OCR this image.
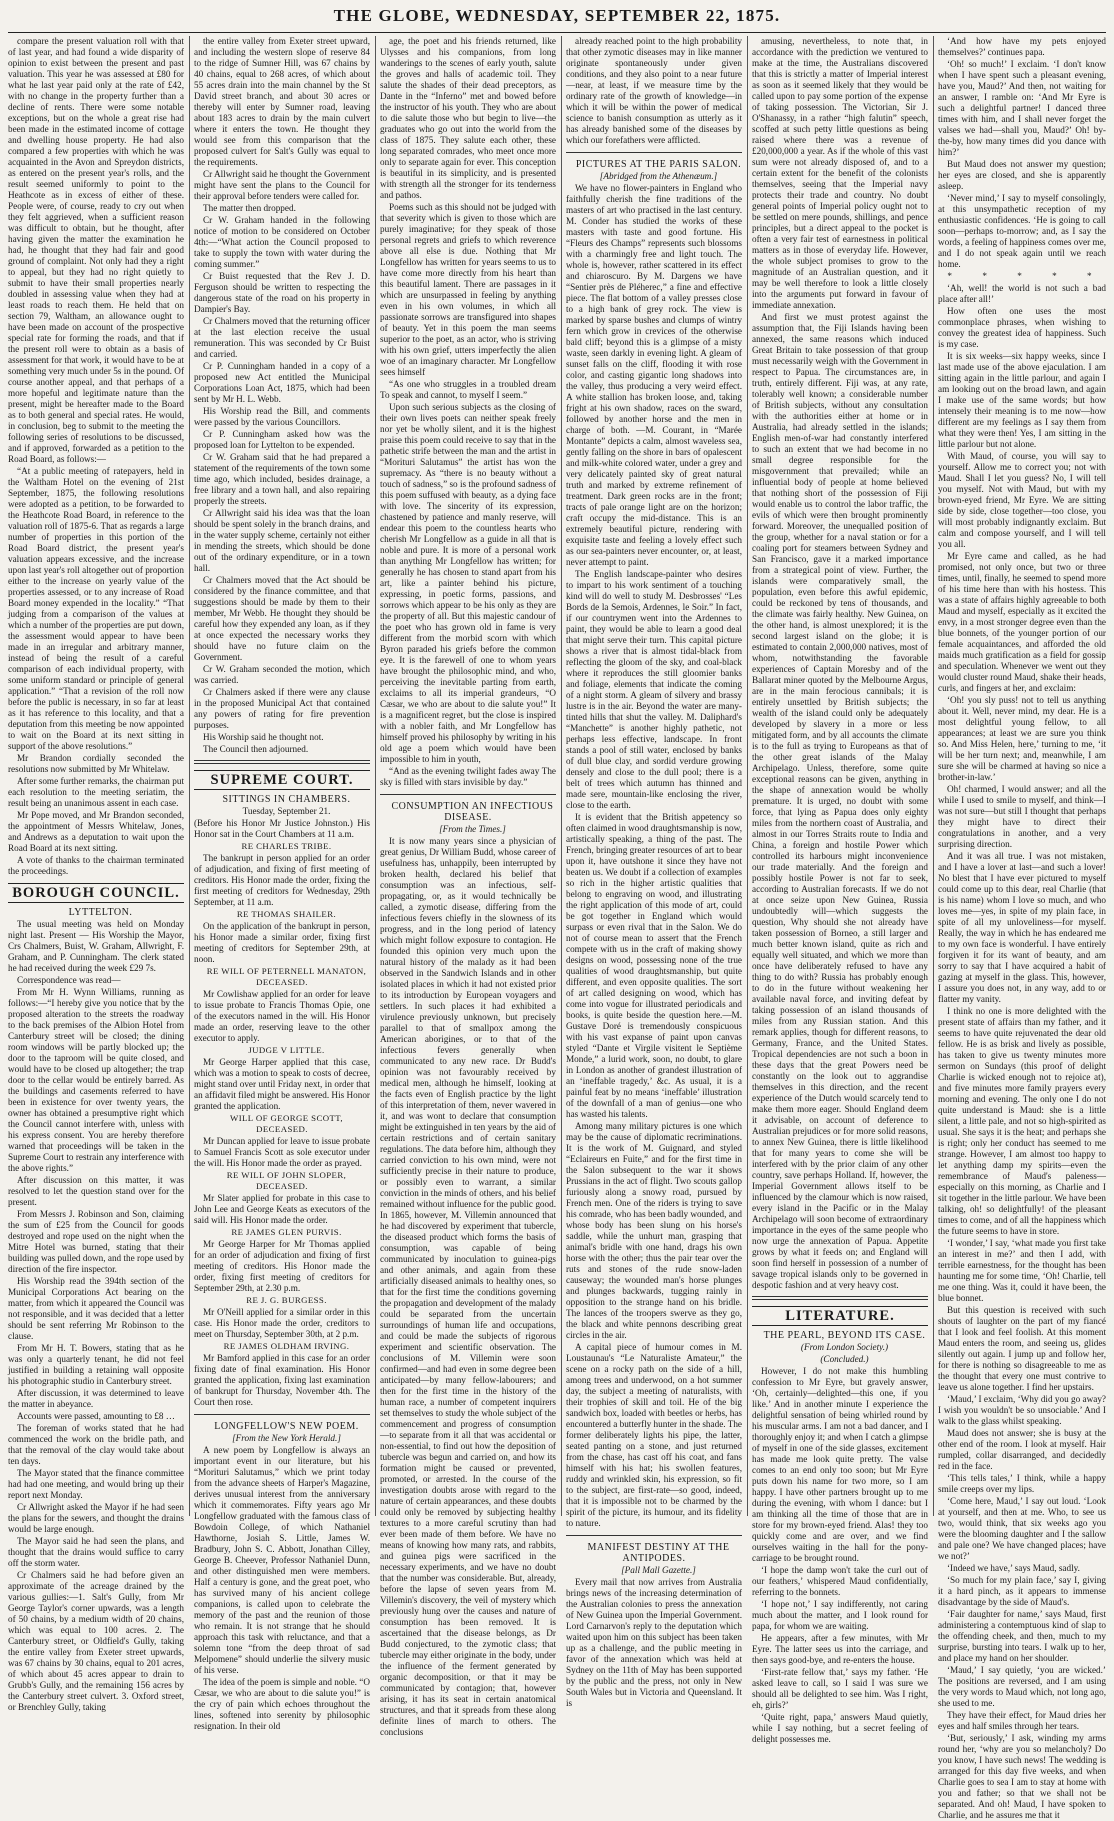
THE GLOBE, WEDNESDAY, SEPTEMBER 22, 1875.

compare the present valuation roll with that of last year, and had found a wide disparity of opinion to exist between the present and past valuation. This year he was assessed at £80 for what he last year paid only at the rate of £42, with no change in the property further than a decline of rents. There were some notable exceptions, but on the whole a great rise had been made in the estimated income of cottage and dwelling house property. He had also compared a few properties with which he was acquainted in the Avon and Spreydon districts, as entered on the present year's rolls, and the result seemed uniformly to point to the Heathcote as in excess of either of these. People were, of course, ready to cry out when they felt aggrieved, when a sufficient reason was difficult to obtain, but he thought, after having given the matter the examination he had, he thought that they had fair and good ground of complaint. Not only had they a right to appeal, but they had no right quietly to submit to have their small properties nearly doubled in assessing value when they had at least roads to reach them. He held that on section 79, Waltham, an allowance ought to have been made on account of the prospective special rate for forming the roads, and that if the present roll were to obtain as a basis of assessment for that work, it would have to be at something very much under 5s in the pound. Of course another appeal, and that perhaps of a more hopeful and legitimate nature than the present, might be hereafter made to the Board as to both general and special rates. He would, in conclusion, beg to submit to the meeting the following series of resolutions to be discussed, and if approved, forwarded as a petition to the Road Board, as follows:—

“At a public meeting of ratepayers, held in the Waltham Hotel on the evening of 21st September, 1875, the following resolutions were adopted as a petition, to be forwarded to the Heathcote Road Board, in reference to the valuation roll of 1875-6. That as regards a large number of properties in this portion of the Road Board district, the present year's valuation appears excessive, and the increase upon last year's roll altogether out of proportion either to the increase on yearly value of the properties assessed, or to any increase of Road Board money expended in the locality.” “That judging from a comparison of the values at which a number of the properties are put down, the assessment would appear to have been made in an irregular and arbitrary manner, instead of being the result of a careful comparison of each individual property, with some uniform standard or principle of general application.” “That a revision of the roll now before the public is necessary, in so far at least as it has reference to this locality, and that a deputation from this meeting be now appointed to wait on the Board at its next sitting in support of the above resolutions.”

Mr Brandon cordially seconded the resolutions now submitted by Mr Whitelaw.

After some further remarks, the chairman put each resolution to the meeting seriatim, the result being an unanimous assent in each case.

Mr Pope moved, and Mr Brandon seconded, the appointment of Messrs Whitelaw, Jones, and Andrews as a deputation to wait upon the Road Board at its next sitting.

A vote of thanks to the chairman terminated the proceedings.

BOROUGH COUNCIL.

LYTTELTON.

The usual meeting was held on Monday night last. Present — His Worship the Mayor, Crs Chalmers, Buist, W. Graham, Allwright, F. Graham, and P. Cunningham. The clerk stated he had received during the week £29 7s.

Correspondence was read—

From Mr H. Wynn Williams, running as follows:—“I hereby give you notice that by the proposed alteration to the streets the roadway to the back premises of the Albion Hotel from Canterbury street will be closed; the dining room windows will be partly blocked up; the door to the taproom will be quite closed, and would have to be closed up altogether; the trap door to the cellar would be entirely barred. As the buildings and casements referred to have been in existence for over twenty years, the owner has obtained a presumptive right which the Council cannot interfere with, unless with his express consent. You are hereby therefore warned that proceedings will be taken in the Supreme Court to restrain any interference with the above rights.”

After discussion on this matter, it was resolved to let the question stand over for the present.

From Messrs J. Robinson and Son, claiming the sum of £25 from the Council for goods destroyed and rope used on the night when the Mitre Hotel was burned, stating that their building was pulled down, and the rope used by direction of the fire inspector.

His Worship read the 394th section of the Municipal Corporations Act bearing on the matter, from which it appeared the Council was not responsible, and it was decided that a letter should be sent referring Mr Robinson to the clause.

From Mr H. T. Bowers, stating that as he was only a quarterly tenant, he did not feel justified in building a retaining wall opposite his photographic studio in Canterbury street.

After discussion, it was determined to leave the matter in abeyance.

Accounts were passed, amounting to £8 …

The foreman of works stated that he had commenced the work on the bridle path, and that the removal of the clay would take about ten days.

The Mayor stated that the finance committee had had one meeting, and would bring up their report next Monday.

Cr Allwright asked the Mayor if he had seen the plans for the sewers, and thought the drains would be large enough.

The Mayor said he had seen the plans, and thought that the drains would suffice to carry off the storm water.

Cr Chalmers said he had before given an approximate of the acreage drained by the various gullies:—1. Salt's Gully, from Mr George Taylor's corner upwards, was a length of 50 chains, by a medium width of 20 chains, which was equal to 100 acres. 2. The Canterbury street, or Oldfield's Gully, taking the entire valley from Exeter street upwards, was 67 chains by 30 chains, equal to 201 acres, of which about 45 acres appear to drain to Grubb's Gully, and the remaining 156 acres by the Canterbury street culvert. 3. Oxford street, or Brenchley Gully, taking

the entire valley from Exeter street upward, and including the western slope of reserve 84 to the ridge of Sumner Hill, was 67 chains by 40 chains, equal to 268 acres, of which about 55 acres drain into the main channel by the St David street branch, and about 30 acres or thereby will enter by Sumner road, leaving about 183 acres to drain by the main culvert where it enters the town. He thought they would see from this comparison that the proposed culvert for Salt's Gully was equal to the requirements.

Cr Allwright said he thought the Government might have sent the plans to the Council for their approval before tenders were called for.

The matter then dropped.

Cr W. Graham handed in the following notice of motion to be considered on October 4th:—“What action the Council proposed to take to supply the town with water during the coming summer.”

Cr Buist requested that the Rev J. D. Ferguson should be written to respecting the dangerous state of the road on his property in Dampier's Bay.

Cr Chalmers moved that the returning officer at the last election receive the usual remuneration. This was seconded by Cr Buist and carried.

Cr P. Cunningham handed in a copy of a proposed new Act entitled the Municipal Corporations Loan Act, 1875, which had been sent by Mr H. L. Webb.

His Worship read the Bill, and comments were passed by the various Councillors.

Cr P. Cunningham asked how was the proposed loan for Lyttelton to be expended.

Cr W. Graham said that he had prepared a statement of the requirements of the town some time ago, which included, besides drainage, a free library and a town hall, and also repairing properly the streets.

Cr Allwright said his idea was that the loan should be spent solely in the branch drains, and in the water supply scheme, certainly not either in mending the streets, which should be done out of the ordinary expenditure, or in a town hall.

Cr Chalmers moved that the Act should be considered by the finance committee, and that suggestions should be made by them to their member, Mr Webb. He thought they should be careful how they expended any loan, as if they at once expected the necessary works they should have no future claim on the Government.

Cr W. Graham seconded the motion, which was carried.

Cr Chalmers asked if there were any clause in the proposed Municipal Act that contained any powers of rating for fire prevention purposes.

His Worship said he thought not.

The Council then adjourned.

SUPREME COURT.

SITTINGS IN CHAMBERS.

Tuesday, September 21.

(Before his Honor Mr Justice Johnston.) His Honor sat in the Court Chambers at 11 a.m.

RE CHARLES TRIBE.

The bankrupt in person applied for an order of adjudication, and fixing of first meeting of creditors. His Honor made the order, fixing the first meeting of creditors for Wednesday, 29th September, at 11 a.m.

RE THOMAS SHAILER.

On the application of the bankrupt in person, his Honor made a similar order, fixing first meeting of creditors for September 29th, at noon.

RE WILL OF PETERNELL MANATON, DECEASED.

Mr Cowlishaw applied for an order for leave to issue probate to Francis Thomas Opie, one of the executors named in the will. His Honor made an order, reserving leave to the other executor to apply.

JUDGE V LITTLE.

Mr George Harper applied that this case, which was a motion to speak to costs of decree, might stand over until Friday next, in order that an affidavit filed might be answered. His Honor granted the application.

WILL OF GEORGE SCOTT, DECEASED.

Mr Duncan applied for leave to issue probate to Samuel Francis Scott as sole executor under the will. His Honor made the order as prayed.

RE WILL OF JOHN SLOPER, DECEASED.

Mr Slater applied for probate in this case to John Lee and George Keats as executors of the said will. His Honor made the order.

RE JAMES GLEN PURVIS.

Mr George Harper for Mr Thomas applied for an order of adjudication and fixing of first meeting of creditors. His Honor made the order, fixing first meeting of creditors for September 29th, at 2.30 p.m.

RE J. G. BURGESS.

Mr O'Neill applied for a similar order in this case. His Honor made the order, creditors to meet on Thursday, September 30th, at 2 p.m.

RE JAMES OLDHAM IRVING.

Mr Bamford applied in this case for an order fixing date of final examination. His Honor granted the application, fixing last examination of bankrupt for Thursday, November 4th. The Court then rose.

LONGFELLOW'S NEW POEM.

[From the New York Herald.]

A new poem by Longfellow is always an important event in our literature, but his “Morituri Salutamus,” which we print today from the advance sheets of Harper's Magazine, derives unusual interest from the anniversary which it commemorates. Fifty years ago Mr Longfellow graduated with the famous class of Bowdoin College, of which Nathaniel Hawthorne, Josiah S. Little, James W. Bradbury, John S. C. Abbott, Jonathan Cilley, George B. Cheever, Professor Nathaniel Dunn, and other distinguished men were members. Half a century is gone, and the great poet, who has survived many of his ancient college companions, is called upon to celebrate the memory of the past and the reunion of those who remain. It is not strange that he should approach this task with reluctance, and that a solemn tone “from the deep throat of sad Melpomene” should underlie the silvery music of his verse.

The idea of the poem is simple and noble. “O Cæsar, we who are about to die salute you!” is the cry of pain which echoes throughout the lines, softened into serenity by philosophic resignation. In their old

age, the poet and his friends returned, like Ulysses and his companions, from long wanderings to the scenes of early youth, salute the groves and halls of academic toil. They salute the shades of their dead preceptors, as Dante in the “Inferno” met and bowed before the instructor of his youth. They who are about to die salute those who but begin to live—the graduates who go out into the world from the class of 1875. They salute each other, these long separated comrades, who meet once more only to separate again for ever. This conception is beautiful in its simplicity, and is presented with strength all the stronger for its tenderness and pathos.

Poems such as this should not be judged with that severity which is given to those which are purely imaginative; for they speak of those personal regrets and griefs to which reverence above all else is due. Nothing that Mr Longfellow has written for years seems to us to have come more directly from his heart than this beautiful lament. There are passages in it which are unsurpassed in feeling by anything even in his own volumes, in which all passionate sorrows are transfigured into shapes of beauty. Yet in this poem the man seems superior to the poet, as an actor, who is striving with his own grief, utters imperfectly the alien woe of an imaginary character. Mr Longfellow sees himself

“As one who struggles in a troubled dream To speak and cannot, to myself I seem.”

Upon such serious subjects as the closing of their own lives poets can neither speak freely nor yet be wholly silent, and it is the highest praise this poem could receive to say that in the pathetic strife between the man and the artist in “Morituri Salutamus” the artist has won the supremacy. As “there is no beauty without a touch of sadness,” so is the profound sadness of this poem suffused with beauty, as a dying face with love. The sincerity of its expression, chastened by patience and manly reserve, will endear this poem to the countless hearts who cherish Mr Longfellow as a guide in all that is noble and pure. It is more of a personal work than anything Mr Longfellow has written; for generally he has chosen to stand apart from his art, like a painter behind his picture, expressing, in poetic forms, passions, and sorrows which appear to be his only as they are the property of all. But this majestic candour of the poet who has grown old in fame is very different from the morbid scorn with which Byron paraded his griefs before the common eye. It is the farewell of one to whom years have brought the philosophic mind, and who, perceiving the inevitable parting from earth, exclaims to all its imperial grandeurs, “O Cæsar, we who are about to die salute you!” It is a magnificent regret, but the close is inspired with a nobler faith, and Mr Longfellow has himself proved his philosophy by writing in his old age a poem which would have been impossible to him in youth,

“And as the evening twilight fades away The sky is filled with stars invisible by day.”

CONSUMPTION AN INFECTIOUS DISEASE.

[From the Times.]

It is now many years since a physician of great genius, Dr William Budd, whose career of usefulness has, unhappily, been interrupted by broken health, declared his belief that consumption was an infectious, self-propagating, or, as it would technically be called, a zymotic disease, differing from the infectious fevers chiefly in the slowness of its progress, and in the long period of latency which might follow exposure to contagion. He founded this opinion very much upon the natural history of the malady as it had been observed in the Sandwich Islands and in other isolated places in which it had not existed prior to its introduction by European voyagers and settlers. In such places it had exhibited a virulence previously unknown, but precisely parallel to that of smallpox among the American aborigines, or to that of the infectious fevers generally when communicated to any new race. Dr Budd's opinion was not favourably received by medical men, although he himself, looking at the facts even of English practice by the light of this interpretation of them, never wavered in it, and was wont to declare that consumption might be extinguished in ten years by the aid of certain restrictions and of certain sanitary regulations. The data before him, although they carried conviction to his own mind, were not sufficiently precise in their nature to produce, or possibly even to warrant, a similar conviction in the minds of others, and his belief remained without influence for the public good. In 1865, however, M. Villemin announced that he had discovered by experiment that tubercle, the diseased product which forms the basis of consumption, was capable of being communicated by inoculation to guinea-pigs and other animals, and again from these artificially diseased animals to healthy ones, so that for the first time the conditions governing the propagation and development of the malady could be separated from the uncertain surroundings of human life and occupations, and could be made the subjects of rigorous experiment and scientific observation. The conclusions of M. Villemin were soon confirmed—and had even in some degree been anticipated—by many fellow-labourers; and then for the first time in the history of the human race, a number of competent inquirers set themselves to study the whole subject of the commencement and progress of consumption—to separate from it all that was accidental or non-essential, to find out how the deposition of tubercle was begun and carried on, and how its formation might be caused or prevented, promoted, or arrested. In the course of the investigation doubts arose with regard to the nature of certain appearances, and these doubts could only be removed by subjecting healthy textures to a more careful scrutiny than had ever been made of them before. We have no means of knowing how many rats, and rabbits, and guinea pigs were sacrificed in the necessary experiments, and we have no doubt that the number was considerable. But, already, before the lapse of seven years from M. Villemin's discovery, the veil of mystery which previously hung over the causes and nature of consumption has been removed. It is ascertained that the disease belongs, as Dr Budd conjectured, to the zymotic class; that tubercle may either originate in the body, under the influence of the ferment generated by organic decomposition, or that it may be communicated by contagion; that, however arising, it has its seat in certain anatomical structures, and that it spreads from these along definite lines of march to others. The conclusions

already reached point to the high probability that other zymotic diseases may in like manner originate spontaneously under given conditions, and they also point to a near future—near, at least, if we measure time by the ordinary rate of the growth of knowledge—in which it will be within the power of medical science to banish consumption as utterly as it has already banished some of the diseases by which our forefathers were afflicted.

PICTURES AT THE PARIS SALON.

[Abridged from the Athenæum.]

We have no flower-painters in England who faithfully cherish the fine traditions of the masters of art who practised in the last century. M. Conder has studied the works of these masters with taste and good fortune. His “Fleurs des Champs” represents such blossoms with a charmingly free and light touch. The whole is, however, rather scattered in its effect and chiaroscuro. By M. Dargens we have “Sentier près de Pléherec,” a fine and effective piece. The flat bottom of a valley presses close to a high bank of grey rock. The view is marked by sparse bushes and clumps of wintry fern which grow in crevices of the otherwise bald cliff; beyond this is a glimpse of a misty waste, seen darkly in evening light. A gleam of sunset falls on the cliff, flooding it with rose color, and casting gigantic long shadows into the valley, thus producing a very weird effect. A white stallion has broken loose, and, taking fright at his own shadow, races on the sward, followed by another horse and the men in charge of both. —M. Courant, in “Marée Montante” depicts a calm, almost waveless sea, gently falling on the shore in bars of opalescent and milk-white colored water, under a grey and very delicately painted sky of great natural truth and marked by extreme refinement of treatment. Dark green rocks are in the front; tracts of pale orange light are on the horizon; craft occupy the mid-distance. This is an extremely beautiful picture, rendering with exquisite taste and feeling a lovely effect such as our sea-painters never encounter, or, at least, never attempt to paint.

The English landscape-painter who desires to impart to his work sentiment of a touching kind will do well to study M. Desbrosses' “Les Bords de la Semois, Ardennes, le Soir.” In fact, if our countrymen went into the Ardennes to paint, they would be able to learn a good deal that might serve their turn. This capital picture shows a river that is almost tidal-black from reflecting the gloom of the sky, and coal-black where it reproduces the still gloomier banks and foliage, elements that indicate the coming of a night storm. A gleam of silvery and brassy lustre is in the air. Beyond the water are many-tinted hills that shut the valley. M. Daliphard's “Manchette” is another highly pathetic, not perhaps less effective, landscape. In front stands a pool of still water, enclosed by banks of dull blue clay, and sordid verdure growing densely and close to the dull pool; there is a belt of trees which autumn has thinned and made sere, mountain-like enclosing the river, close to the earth.

It is evident that the British appetency so often claimed in wood draughtsmanship is now, artistically speaking, a thing of the past. The French, bringing greater resources of art to bear upon it, have outshone it since they have not beaten us. We doubt if a collection of examples so rich in the higher artistic qualities that belong to engraving on wood, and illustrating the right application of this mode of art, could be got together in England which would surpass or even rival that in the Salon. We do not of course mean to assert that the French compete with us in the craft of making showy designs on wood, possessing none of the true qualities of wood draughtsmanship, but quite different, and even opposite qualities. The sort of art called designing on wood, which has come into vogue for illustrated periodicals and books, is quite beside the question here.—M. Gustave Doré is tremendously conspicuous with his vast expanse of paint upon canvas styled “Dante et Virgile visitent le Septième Monde,” a lurid work, soon, no doubt, to glare in London as another of grandest illustration of an ‘ineffable tragedy,’ &c. As usual, it is a painful feat by no means ‘ineffable’ illustration of the downfall of a man of genius—one who has wasted his talents.

Among many military pictures is one which may be the cause of diplomatic recriminations. It is the work of M. Guignard, and styled “Eclaireurs en Fuite,” and for the first time in the Salon subsequent to the war it shows Prussians in the act of flight. Two scouts gallop furiously along a snowy road, pursued by French men. One of the riders is trying to save his comrade, who has been badly wounded, and whose body has been slung on his horse's saddle, while the unhurt man, grasping that animal's bridle with one hand, drags his own horse with the other; thus the pair tear over the ruts and stones of the rude snow-laden causeway; the wounded man's horse plunges and plunges backwards, tugging rainly in opposition to the strange hand on his bridle. The lances of the troopers swerve as they go, the black and white pennons describing great circles in the air.

A capital piece of humour comes in M. Loustaunau's “Le Naturaliste Amateur,” the scene on a rocky path on the side of a hill, among trees and underwood, on a hot summer day, the subject a meeting of naturalists, with their trophies of skill and toil. He of the big sandwich box, loaded with beetles or herbs, has encountered a butterfly hunter in the shade. The former deliberately lights his pipe, the latter, seated panting on a stone, and just returned from the chase, has cast off his coat, and fans himself with his hat; his swollen features, ruddy and wrinkled skin, his expression, so fit to the subject, are first-rate—so good, indeed, that it is impossible not to be charmed by the spirit of the picture, its humour, and its fidelity to nature.

MANIFEST DESTINY AT THE ANTIPODES.

[Pall Mall Gazette.]

Every mail that now arrives from Australia brings news of the increasing determination of the Australian colonies to press the annexation of New Guinea upon the Imperial Government. Lord Carnarvon's reply to the deputation which waited upon him on this subject has been taken up as a challenge, and the public meeting in favor of the annexation which was held at Sydney on the 11th of May has been supported by the public and the press, not only in New South Wales but in Victoria and Queensland. It is

amusing, nevertheless, to note that, in accordance with the prediction we ventured to make at the time, the Australians discovered that this is strictly a matter of Imperial interest as soon as it seemed likely that they would be called upon to pay some portion of the expense of taking possession. The Victorian, Sir J. O'Shanassy, in a rather “high falutin” speech, scoffed at such petty little questions as being raised where there was a revenue of £20,000,000 a year. As if the whole of this vast sum were not already disposed of, and to a certain extent for the benefit of the colonists themselves, seeing that the Imperial navy protects their trade and country. No doubt general points of Imperial policy ought not to be settled on mere pounds, shillings, and pence principles, but a direct appeal to the pocket is often a very fair test of earnestness in political matters as in those of everyday life. However, the whole subject promises to grow to the magnitude of an Australian question, and it may be well therefore to look a little closely into the arguments put forward in favour of immediate annexation.

And first we must protest against the assumption that, the Fiji Islands having been annexed, the same reasons which induced Great Britain to take possession of that group must necessarily weigh with the Government in respect to Papua. The circumstances are, in truth, entirely different. Fiji was, at any rate, tolerably well known; a considerable number of British subjects, without any consultation with the authorities either at home or in Australia, had already settled in the islands; English men-of-war had constantly interfered to such an extent that we had become in no small degree responsible for the misgovernment that prevailed; while an influential body of people at home believed that nothing short of the possession of Fiji would enable us to control the labor traffic, the evils of which were then brought prominently forward. Moreover, the unequalled position of the group, whether for a naval station or for a coaling port for steamers between Sydney and San Francisco, gave it a marked importance from a strategical point of view. Further, the islands were comparatively small, the population, even before this awful epidemic, could be reckoned by tens of thousands, and the climate was fairly healthy. New Guinea, on the other hand, is almost unexplored; it is the second largest island on the globe; it is estimated to contain 2,000,000 natives, most of whom, notwithstanding the favorable experiences of Captain Moresby and of the Ballarat miner quoted by the Melbourne Argus, are in the main ferocious cannibals; it is entirely unsettled by British subjects; the wealth of the island could only be adequately developed by slavery in a more or less mitigated form, and by all accounts the climate is to the full as trying to Europeans as that of the other great islands of the Malay Archipelago. Unless, therefore, some quite exceptional reasons can be given, anything in the shape of annexation would be wholly premature. It is urged, no doubt with some force, that lying as Papua does only eighty miles from the northern coast of Australia, and almost in our Torres Straits route to India and China, a foreign and hostile Power which controlled its harbours might inconvenience our trade materially. And the foreign and possibly hostile Power is not far to seek, according to Australian forecasts. If we do not at once seize upon New Guinea, Russia undoubtedly will—which suggests the question, Why should she not already have taken possession of Borneo, a still larger and much better known island, quite as rich and equally well situated, and which we more than once have deliberately refused to have any thing to do with? Russia has probably enough to do in the future without weakening her available naval force, and inviting defeat by taking possession of an island thousands of miles from any Russian station. And this remark applies, though for different reasons, to Germany, France, and the United States. Tropical dependencies are not such a boon in these days that the great Powers need be constantly on the look out to aggrandise themselves in this direction, and the recent experience of the Dutch would scarcely tend to make them more eager. Should England deem it advisable, on account of deference to Australian prejudices or for more solid reasons, to annex New Guinea, there is little likelihood that for many years to come she will be interfered with by the prior claim of any other country, save perhaps Holland. If, however, the Imperial Government allows itself to be influenced by the clamour which is now raised, every island in the Pacific or in the Malay Archipelago will soon become of extraordinary importance in the eyes of the same people who now urge the annexation of Papua. Appetite grows by what it feeds on; and England will soon find herself in possession of a number of savage tropical islands only to be governed in despotic fashion and at very heavy cost.

LITERATURE.

THE PEARL, BEYOND ITS CASE.

(From London Society.)

(Concluded.)

However, I do not make this humbling confession to Mr Eyre, but gravely answer, ‘Oh, certainly—delighted—this one, if you like.’ And in another minute I experience the delightful sensation of being whirled round by his muscular arms. I am not a bad dancer, and I thoroughly enjoy it; and when I catch a glimpse of myself in one of the side glasses, excitement has made me look quite pretty. The valse comes to an end only too soon; but Mr Eyre puts down his name for two more, so I am happy. I have other partners brought up to me during the evening, with whom I dance: but I am thinking all the time of those that are in store for my brown-eyed friend. Alas! they too quickly come and are over, and we find ourselves waiting in the hall for the pony-carriage to be brought round.

‘I hope the damp won't take the curl out of our feathers,’ whispered Maud confidentially, referring to the bonnets.

‘I hope not,’ I say indifferently, not caring much about the matter, and I look round for papa, for whom we are waiting.

He appears, after a few minutes, with Mr Eyre. The latter sees us into the carriage, and then says good-bye, and re-enters the house.

‘First-rate fellow that,’ says my father. ‘He asked leave to call, so I said I was sure we should all be delighted to see him. Was I right, eh, girls?’

‘Quite right, papa,’ answers Maud quietly, while I say nothing, but a secret feeling of delight possesses me.

‘And how have my pets enjoyed themselves?’ continues papa.

‘Oh! so much!’ I exclaim. ‘I don't know when I have spent such a pleasant evening, have you, Maud?’ And then, not waiting for an answer, I ramble on: ‘And Mr Eyre is such a delightful partner! I danced three times with him, and I shall never forget the valses we had—shall you, Maud?’ Oh! by-the-by, how many times did you dance with him?’

But Maud does not answer my question; her eyes are closed, and she is apparently asleep.

‘Never mind,’ I say to myself consolingly, at this unsympathetic reception of my enthusiastic confidences. ‘He is going to call soon—perhaps to-morrow; and, as I say the words, a feeling of happiness comes over me, and I do not speak again until we reach home.

* * * * *

‘Ah, well! the world is not such a bad place after all!’

How often one uses the most commonplace phrases, when wishing to convey the greatest idea of happiness. Such is my case.

It is six weeks—six happy weeks, since I last made use of the above ejaculation. I am sitting again in the little parlour, and again I am looking out on the broad lawn, and again I make use of the same words; but how intensely their meaning is to me now—how different are my feelings as I say them from what they were then! Yes, I am sitting in the little parlour but not alone.

With Maud, of course, you will say to yourself. Allow me to correct you; not with Maud. Shall I let you guess? No, I will tell you myself. Not with Maud, but with my brown-eyed friend, Mr Eyre. We are sitting side by side, close together—too close, you will most probably indignantly exclaim. But calm and compose yourself, and I will tell you all.

Mr Eyre came and called, as he had promised, not only once, but two or three times, until, finally, he seemed to spend more of his time here than with his hostess. This was a state of affairs highly agreeable to both Maud and myself, especially as it excited the envy, in a most stronger degree even than the blue bonnets, of the younger portion of our female acquaintances, and afforded the old maids much gratification as a field for gossip and speculation. Whenever we went out they would cluster round Maud, shake their heads, curls, and fingers at her, and exclaim:

‘Oh! you sly puss! not to tell us anything about it. Well, never mind, my dear. He is a most delightful young fellow, to all appearances; at least we are sure you think so. And Miss Helen, here,’ turning to me, ‘it will be her turn next; and, meanwhile, I am sure she will be charmed at having so nice a brother-in-law.’

Oh! charmed, I would answer; and all the while I used to smile to myself, and think—I was not sure—but still I thought that perhaps they might have to direct their congratulations in another, and a very surprising direction.

And it was all true. I was not mistaken, and I have a lover at last—and such a lover! No blest that I have ever pictured to myself could come up to this dear, real Charlie (that is his name) whom I love so much, and who loves me—yes, in spite of my plain face, in spite of all my unloveliness—for myself. Really, the way in which he has endeared me to my own face is wonderful. I have entirely forgiven it for its want of beauty, and am sorry to say that I have acquired a habit of gazing at myself in the glass. This, however, I assure you does not, in any way, add to or flatter my vanity.

I think no one is more delighted with the present state of affairs than my father, and it seems to have quite rejuvenated the dear old fellow. He is as brisk and lively as possible, has taken to give us twenty minutes more sermon on Sundays (this proof of delight Charlie is wicked enough not to rejoice at), and five minutes more family prayers every morning and evening. The only one I do not quite understand is Maud: she is a little silent, a little pale, and not so high-spirited as usual. She says it is the heat; and perhaps she is right; only her conduct has seemed to me strange. However, I am almost too happy to let anything damp my spirits—even the remembrance of Maud's paleness—especially on this morning, as Charlie and I sit together in the little parlour. We have been talking, oh! so delightfully! of the pleasant times to come, and of all the happiness which the future seems to have in store.

‘I wonder,’ I say, ‘what made you first take an interest in me?’ and then I add, with terrible earnestness, for the thought has been haunting me for some time, ‘Oh! Charlie, tell me one thing. Was it, could it have been, the blue bonnet.

But this question is received with such shouts of laughter on the part of my fiancé that I look and feel foolish. At this moment Maud enters the room, and seeing us, glides silently out again. I jump up and follow her, for there is nothing so disagreeable to me as the thought that every one must contrive to leave us alone together. I find her upstairs.

‘Maud,’ I exclaim, ‘Why did you go away? I wish you wouldn't be so unsociable.’ And I walk to the glass whilst speaking.

Maud does not answer; she is busy at the other end of the room. I look at myself. Hair rumpled, collar disarranged, and decidedly red in the face.

‘This tells tales,’ I think, while a happy smile creeps over my lips.

‘Come here, Maud,’ I say out loud. ‘Look at yourself, and then at me. Who, to see us two, would think, that six weeks ago you were the blooming daughter and I the sallow and pale one? We have changed places; have we not?’

‘Indeed we have,’ says Maud, sadly.

‘So much for my plain face,’ say I, giving it a hard pinch, as it appears to immense disadvantage by the side of Maud's.

‘Fair daughter for name,’ says Maud, first administering a contemptuous kind of slap to the offending cheek, and then, much to my surprise, bursting into tears. I walk up to her, and place my hand on her shoulder.

‘Maud,’ I say quietly, ‘you are wicked.’ The positions are reversed, and I am using the very words to Maud which, not long ago, she used to me.

They have their effect, for Maud dries her eyes and half smiles through her tears.

‘But, seriously,’ I ask, winding my arms round her, ‘why are you so melancholy? Do you know, I have such news! The wedding is arranged for this day five weeks, and when Charlie goes to sea I am to stay at home with you and father; so that we shall not be separated. And oh! Maud, I have spoken to Charlie, and he assures me that it
